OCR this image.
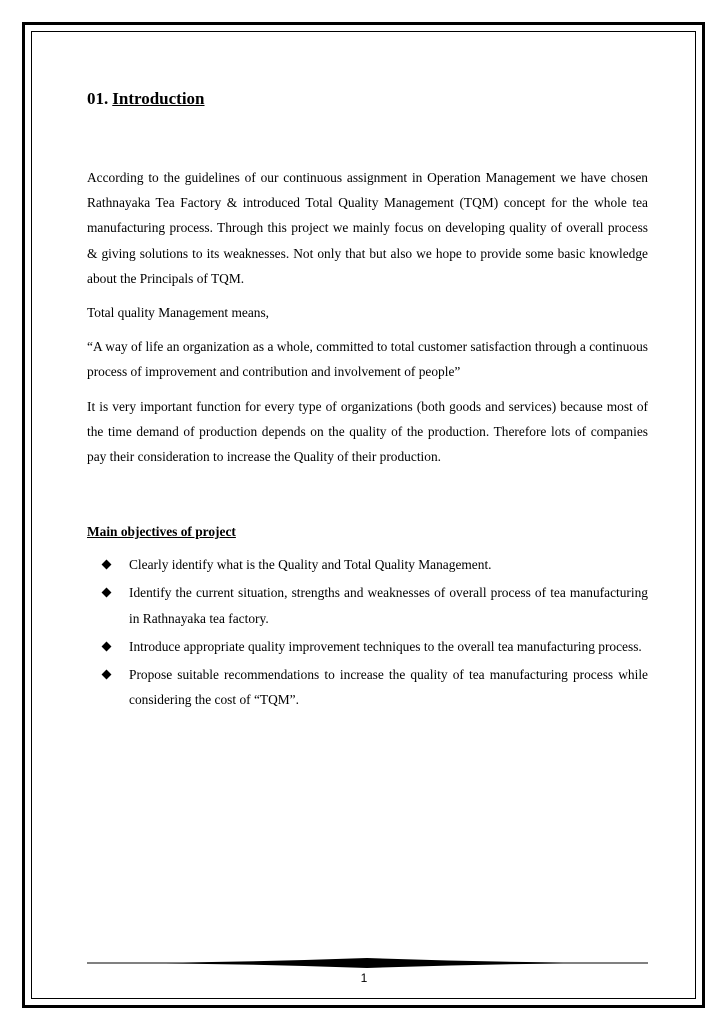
01. Introduction

According to the guidelines of our continuous assignment in Operation Management we have chosen Rathnayaka Tea Factory & introduced Total Quality Management (TQM) concept for the whole tea manufacturing process. Through this project we mainly focus on developing quality of overall process & giving solutions to its weaknesses. Not only that but also we hope to provide some basic knowledge about the Principals of TQM.

Total quality Management means,

“A way of life an organization as a whole, committed to total customer satisfaction through a continuous process of improvement and contribution and involvement of people”

It is very important function for every type of organizations (both goods and services) because most of the time demand of production depends on the quality of the production. Therefore lots of companies pay their consideration to increase the Quality of their production.

Main objectives of project
Clearly identify what is the Quality and Total Quality Management.
Identify the current situation, strengths and weaknesses of overall process of tea manufacturing in Rathnayaka tea factory.
Introduce appropriate quality improvement techniques to the overall tea manufacturing process.
Propose suitable recommendations to increase the quality of tea manufacturing process while considering the cost of “TQM”.
1
